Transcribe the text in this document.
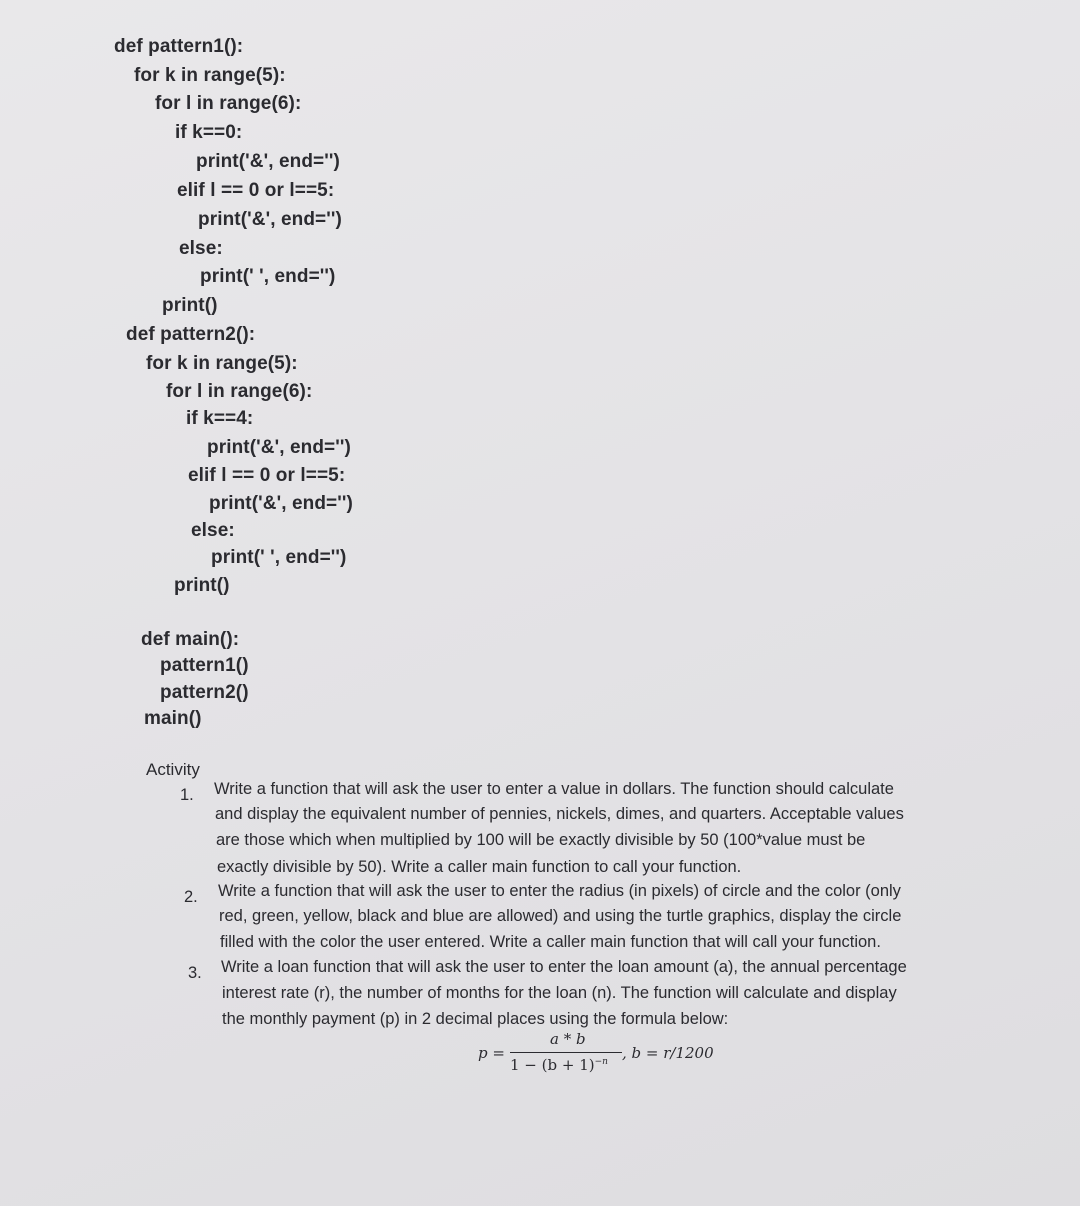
def pattern1():
for k in range(5):
for l in range(6):
if k==0:
print('&', end='')
elif l == 0 or l==5:
print('&', end='')
else:
print(' ', end='')
print()
def pattern2():
for k in range(5):
for l in range(6):
if k==4:
print('&', end='')
elif l == 0 or l==5:
print('&', end='')
else:
print(' ', end='')
print()
def main():
pattern1()
pattern2()
main()
Activity
1. Write a function that will ask the user to enter a value in dollars. The function should calculate
and display the equivalent number of pennies, nickels, dimes, and quarters. Acceptable values
are those which when multiplied by 100 will be exactly divisible by 50 (100*value must be
exactly divisible by 50). Write a caller main function to call your function.
2. Write a function that will ask the user to enter the radius (in pixels) of circle and the color (only
red, green, yellow, black and blue are allowed) and using the turtle graphics, display the circle
filled with the color the user entered. Write a caller main function that will call your function.
3. Write a loan function that will ask the user to enter the loan amount (a), the annual percentage
interest rate (r), the number of months for the loan (n). The function will calculate and display
the monthly payment (p) in 2 decimal places using the formula below:
p =
a * b
$1 - (b + 1)^{-n}$ , b = r/1200
